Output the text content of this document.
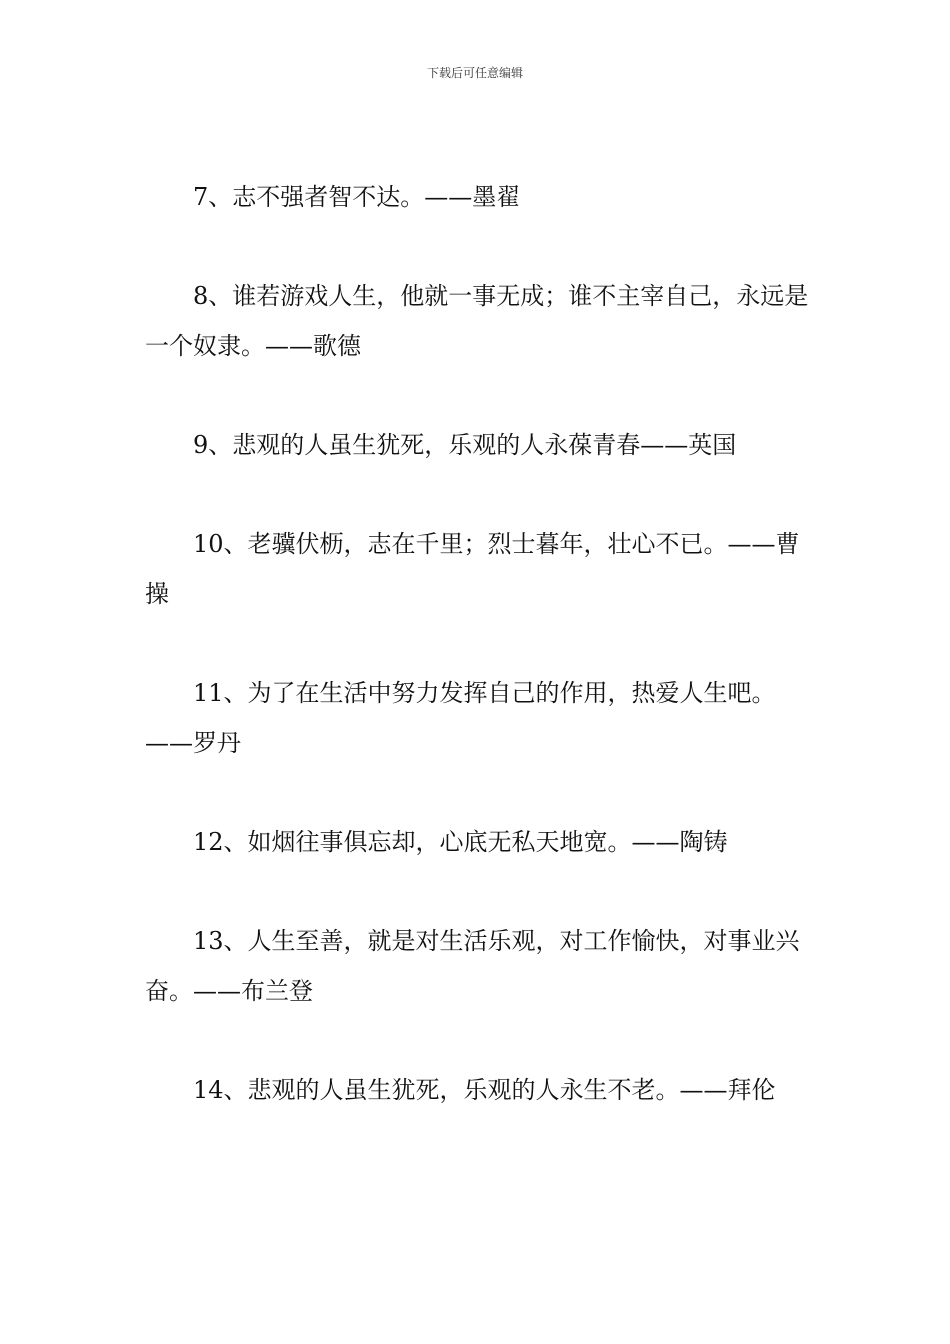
下载后可任意编辑

7、志不强者智不达。——墨翟

8、谁若游戏人生，他就一事无成；谁不主宰自己，永远是一个奴隶。——歌德

9、悲观的人虽生犹死，乐观的人永葆青春——英国

10、老骥伏枥，志在千里；烈士暮年，壮心不已。——曹操

11、为了在生活中努力发挥自己的作用，热爱人生吧。——罗丹

12、如烟往事俱忘却，心底无私天地宽。——陶铸

13、人生至善，就是对生活乐观，对工作愉快，对事业兴奋。——布兰登

14、悲观的人虽生犹死，乐观的人永生不老。——拜伦
